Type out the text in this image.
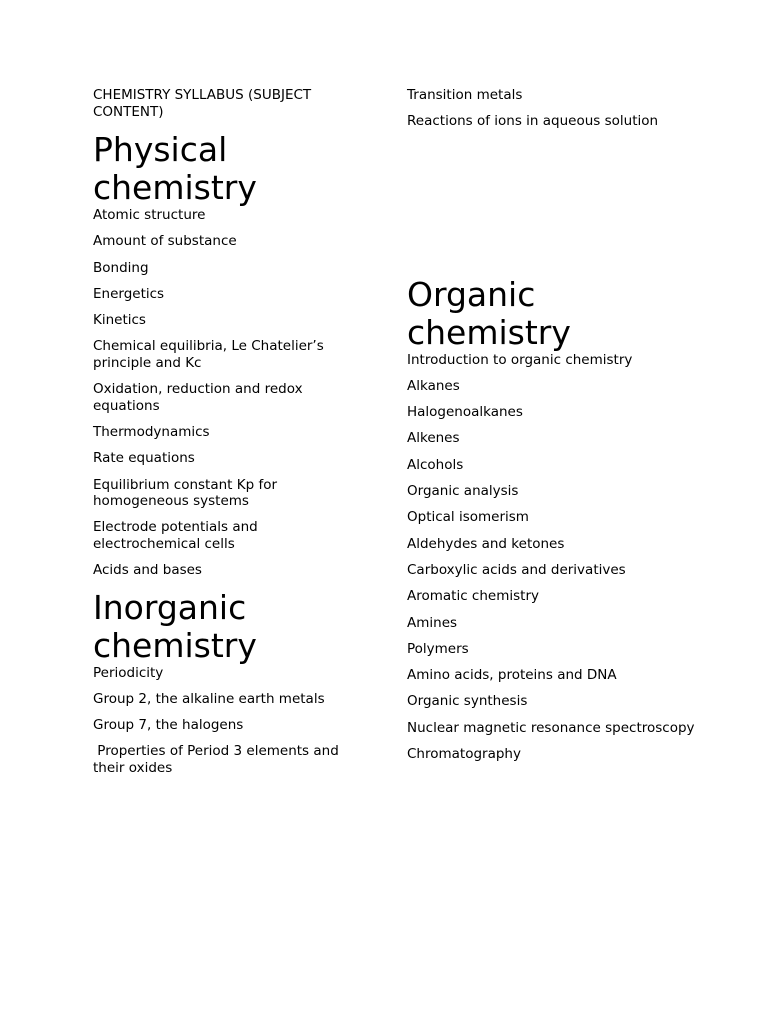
CHEMISTRY SYLLABUS (SUBJECT CONTENT)
Physical chemistry
Atomic structure
Amount of substance
Bonding
Energetics
Kinetics
Chemical equilibria, Le Chatelier’s principle and Kc
Oxidation, reduction and redox equations
Thermodynamics
Rate equations
Equilibrium constant Kp for homogeneous systems
Electrode potentials and electrochemical cells
Acids and bases
Inorganic chemistry
Periodicity
Group 2, the alkaline earth metals
Group 7, the halogens
Properties of Period 3 elements and their oxides
Transition metals
Reactions of ions in aqueous solution
Organic chemistry
Introduction to organic chemistry
Alkanes
Halogenoalkanes
Alkenes
Alcohols
Organic analysis
Optical isomerism
Aldehydes and ketones
Carboxylic acids and derivatives
Aromatic chemistry
Amines
Polymers
Amino acids, proteins and DNA
Organic synthesis
Nuclear magnetic resonance spectroscopy
Chromatography
